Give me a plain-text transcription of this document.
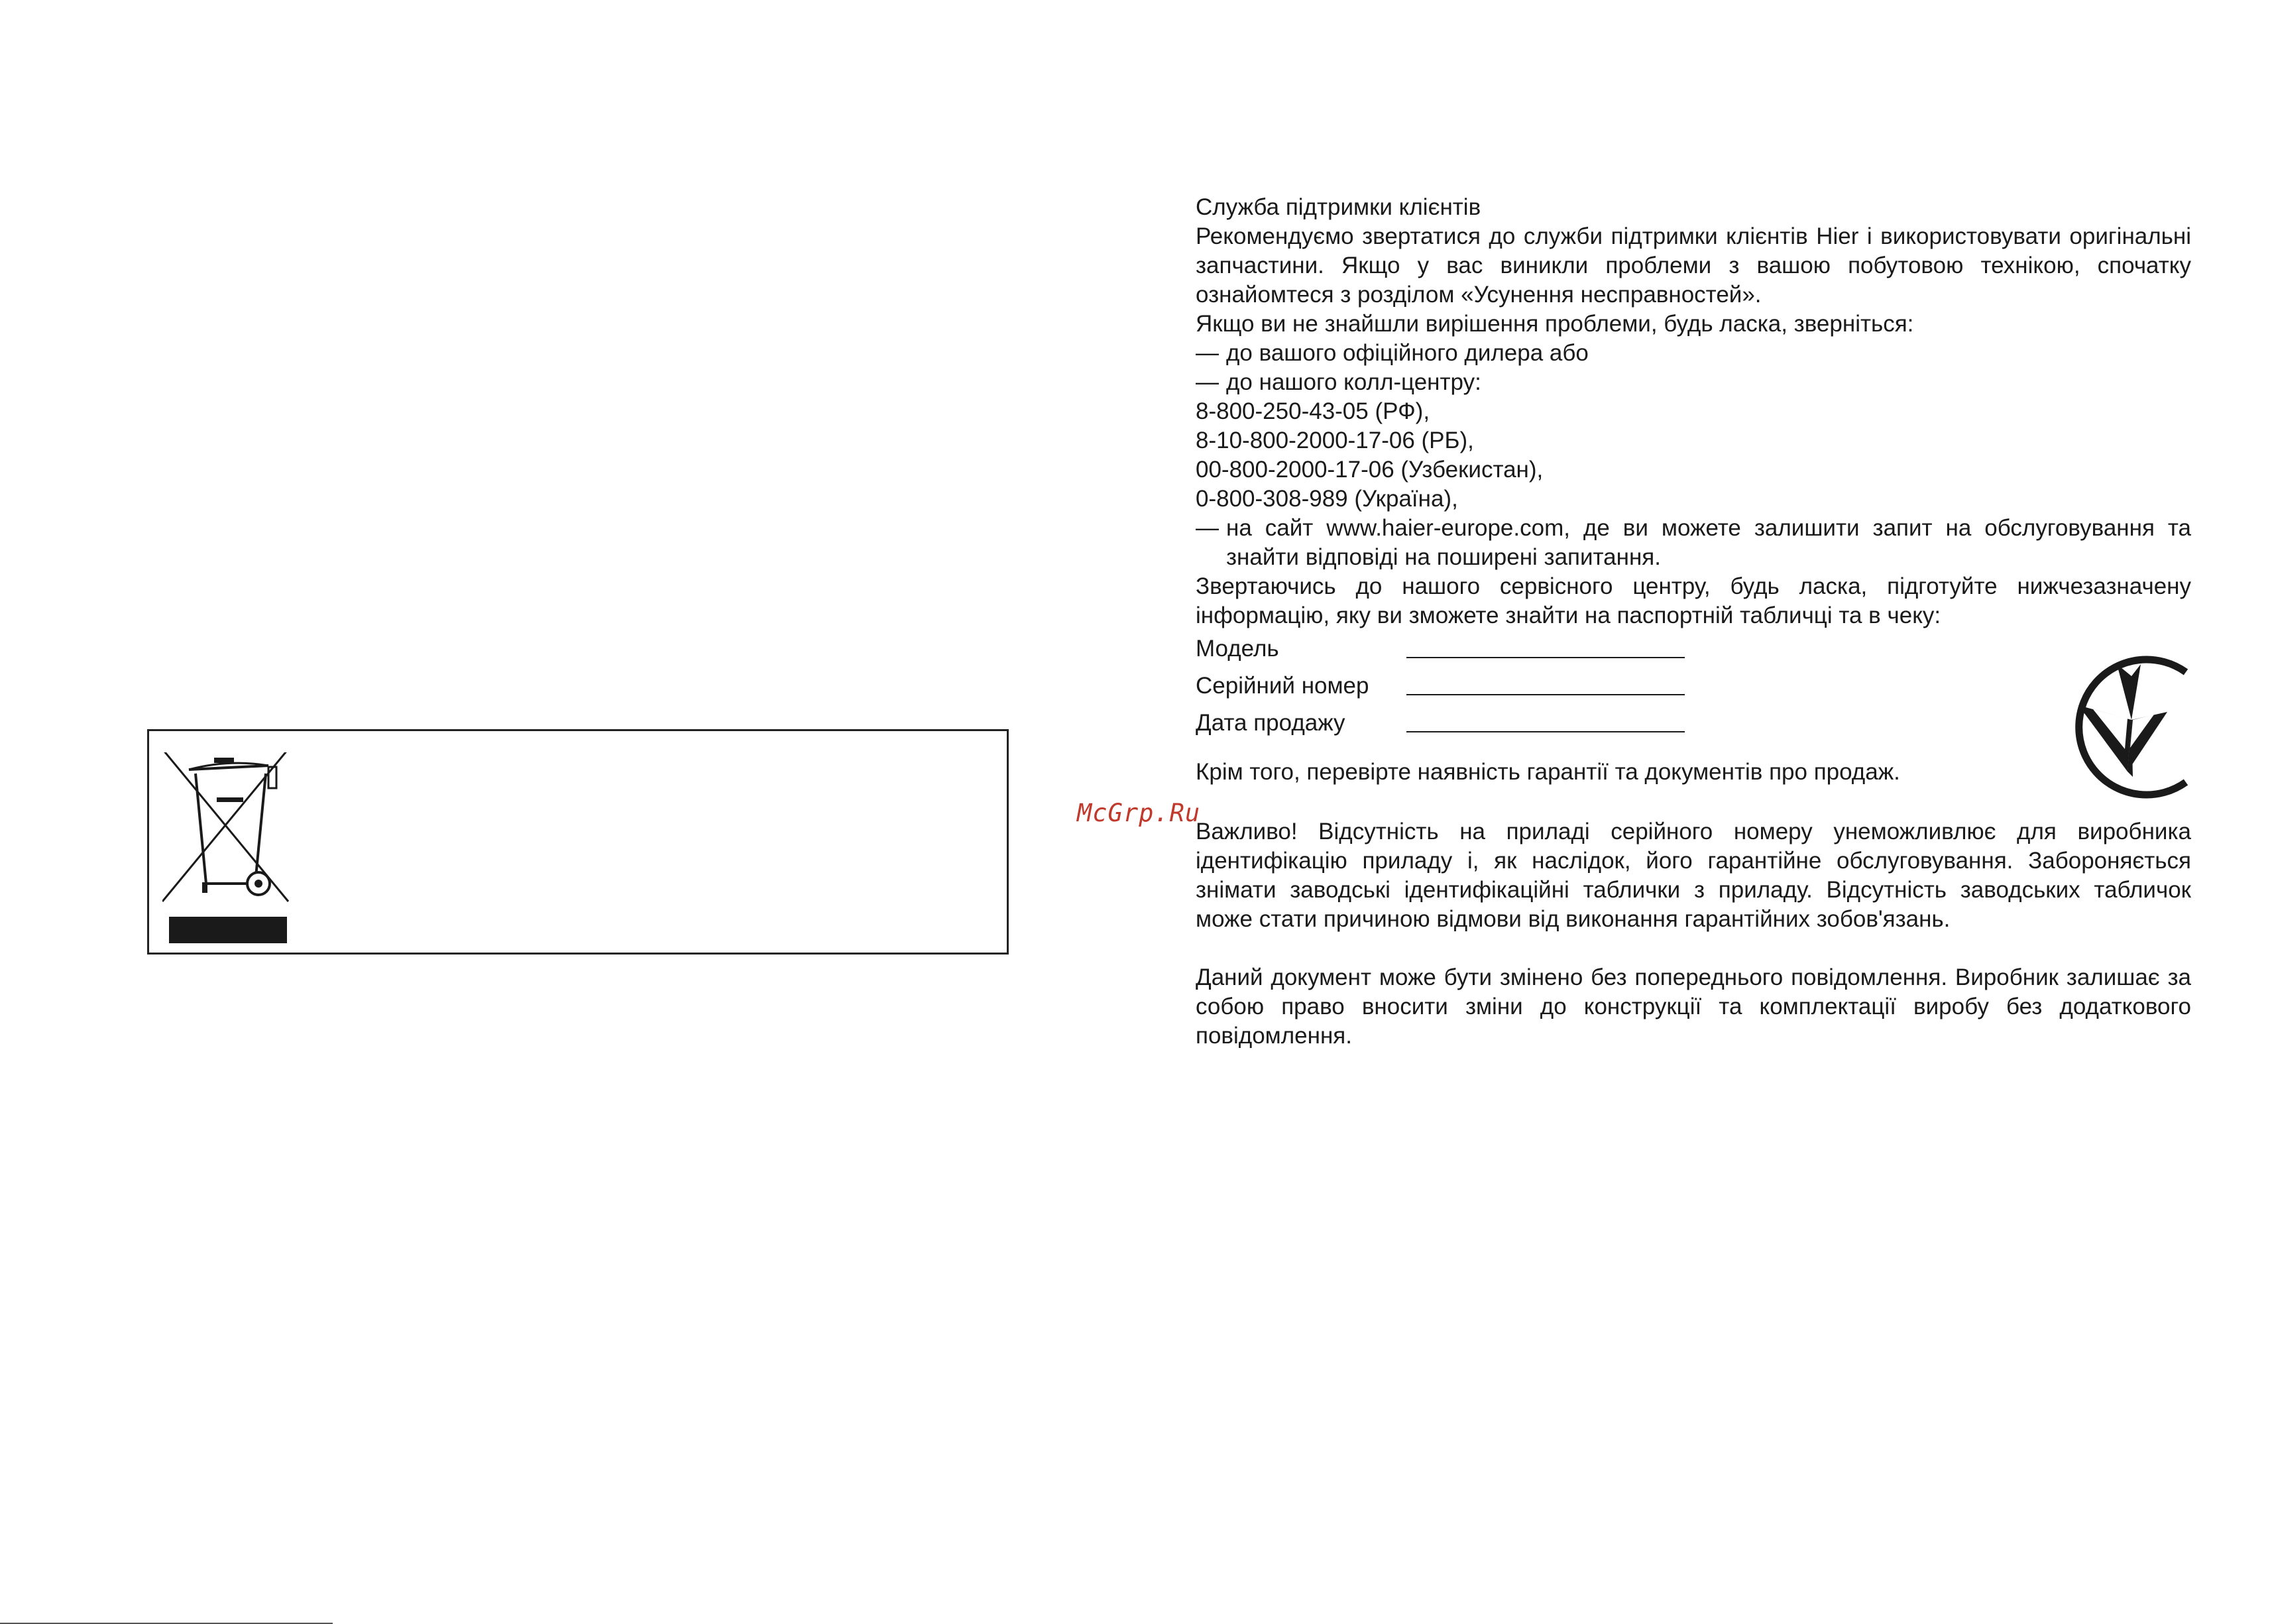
McGrp.Ru

Служба підтримки клієнтів

Рекомендуємо звертатися до служби підтримки клієнтів Hier і використовувати оригінальні запчастини. Якщо у вас виникли проблеми з вашою побутовою технікою, спочатку ознайомтеся з розділом «Усунення несправностей».

Якщо ви не знайшли вирішення проблеми, будь ласка, зверніться:

— до вашого офіційного дилера або
— до нашого колл-центру:

8-800-250-43-05 (РФ),

8-10-800-2000-17-06 (РБ),

00-800-2000-17-06 (Узбекистан),

0-800-308-989 (Україна),

— на сайт www.haier-europe.com, де ви можете залишити запит на обслуговування та знайти відповіді на поширені запитання.

Звертаючись до нашого сервісного центру, будь ласка, підготуйте нижчезазначену інформацію, яку ви зможете знайти на паспортній табличці та в чеку:

Модель
Серійний номер
Дата продажу

Крім того, перевірте наявність гарантії та документів про продаж.

Важливо! Відсутність на приладі серійного номеру унеможливлює для виробника ідентифікацію приладу і, як наслідок, його гарантійне обслуговування. Забороняється знімати заводські ідентифікаційні таблички з приладу. Відсутність заводських табличок може стати причиною відмови від виконання гарантійних зобов'язань.

Даний документ може бути змінено без попереднього повідомлення. Виробник залишає за собою право вносити зміни до конструкції та комплектації виробу без додаткового повідомлення.
